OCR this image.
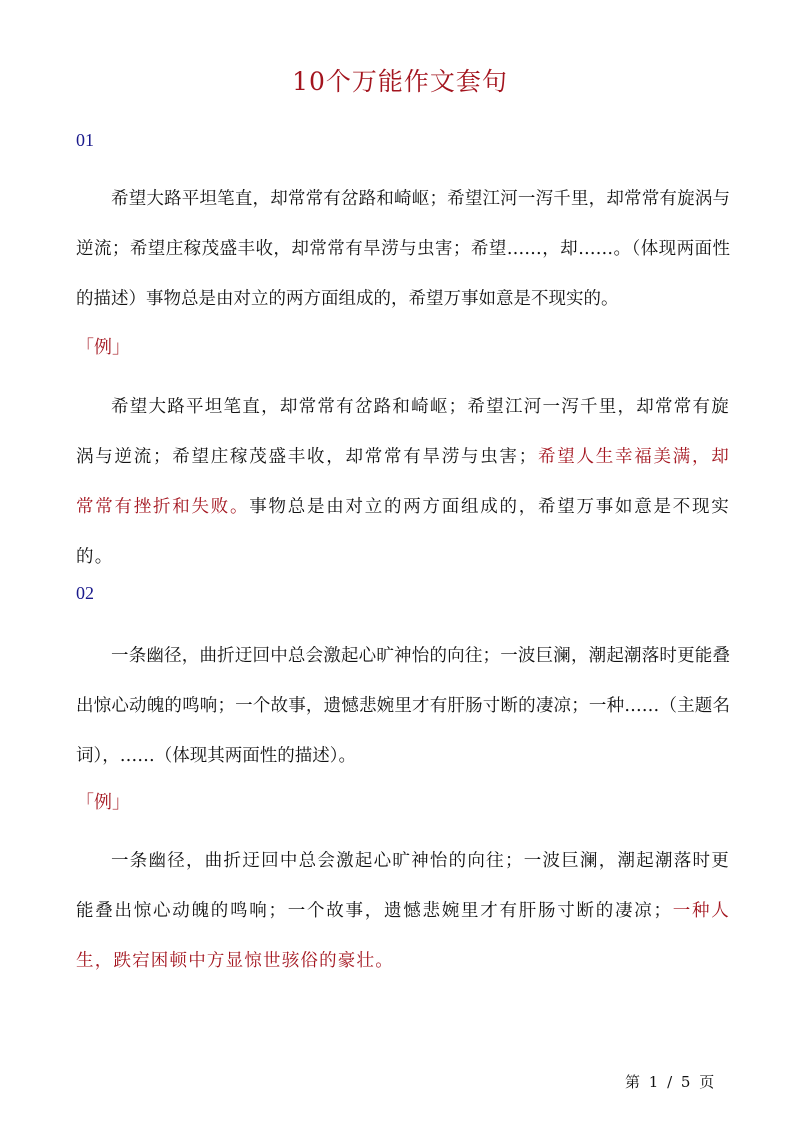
10个万能作文套句
01

希望大路平坦笔直，却常常有岔路和崎岖；希望江河一泻千里，却常常有旋涡与逆流；希望庄稼茂盛丰收，却常常有旱涝与虫害；希望……，却……。（体现两面性的描述）事物总是由对立的两方面组成的，希望万事如意是不现实的。

「例」

希望大路平坦笔直，却常常有岔路和崎岖；希望江河一泻千里，却常常有旋涡与逆流；希望庄稼茂盛丰收，却常常有旱涝与虫害；希望人生幸福美满，却常常有挫折和失败。事物总是由对立的两方面组成的，希望万事如意是不现实的。

02

一条幽径，曲折迂回中总会激起心旷神怡的向往；一波巨澜，潮起潮落时更能叠出惊心动魄的鸣响；一个故事，遗憾悲婉里才有肝肠寸断的凄凉；一种……（主题名词），……（体现其两面性的描述）。

「例」

一条幽径，曲折迂回中总会激起心旷神怡的向往；一波巨澜，潮起潮落时更能叠出惊心动魄的鸣响；一个故事，遗憾悲婉里才有肝肠寸断的凄凉；一种人生，跌宕困顿中方显惊世骇俗的豪壮。

第 1 / 5 页
